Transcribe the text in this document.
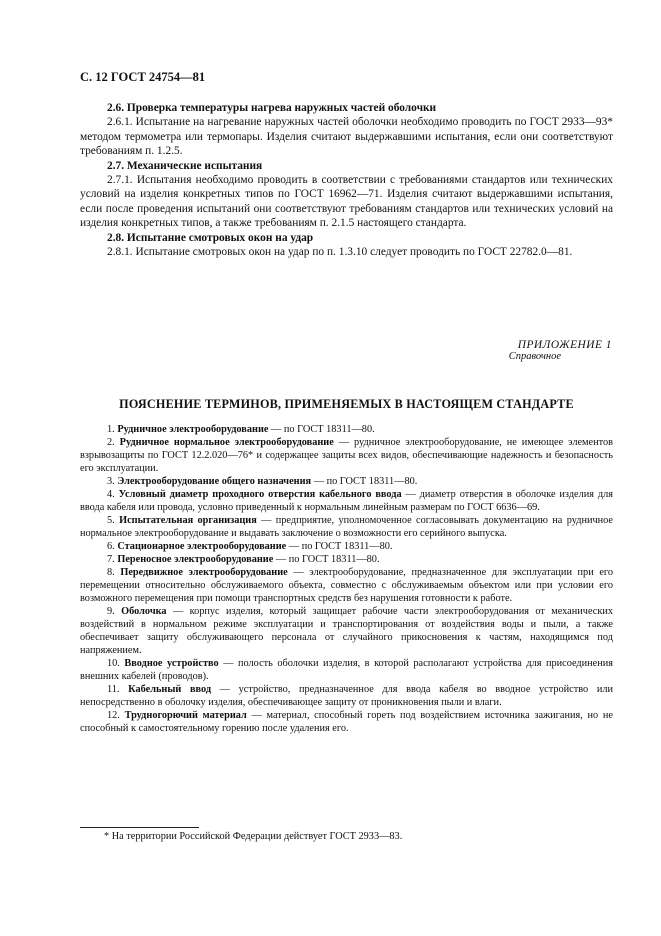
С. 12 ГОСТ 24754—81

2.6. Проверка температуры нагрева наружных частей оболочки

2.6.1. Испытание на нагревание наружных частей оболочки необходимо проводить по ГОСТ 2933—93* методом термометра или термопары. Изделия считают выдержавшими испытания, если они соответствуют требованиям п. 1.2.5.

2.7. Механические испытания

2.7.1. Испытания необходимо проводить в соответствии с требованиями стандартов или технических условий на изделия конкретных типов по ГОСТ 16962—71. Изделия считают выдержавшими испытания, если после проведения испытаний они соответствуют требованиям стандартов или технических условий на изделия конкретных типов, а также требованиям п. 2.1.5 настоящего стандарта.

2.8. Испытание смотровых окон на удар

2.8.1. Испытание смотровых окон на удар по п. 1.3.10 следует проводить по ГОСТ 22782.0—81.

ПРИЛОЖЕНИЕ 1
Справочное
ПОЯСНЕНИЕ ТЕРМИНОВ, ПРИМЕНЯЕМЫХ В НАСТОЯЩЕМ СТАНДАРТЕ

1. Рудничное электрооборудование — по ГОСТ 18311—80.

2. Рудничное нормальное электрооборудование — рудничное электрооборудование, не имеющее элементов взрывозащиты по ГОСТ 12.2.020—76* и содержащее защиты всех видов, обеспечивающие надежность и безопасность его эксплуатации.

3. Электрооборудование общего назначения — по ГОСТ 18311—80.

4. Условный диаметр проходного отверстия кабельного ввода — диаметр отверстия в оболочке изделия для ввода кабеля или провода, условно приведенный к нормальным линейным размерам по ГОСТ 6636—69.

5. Испытательная организация — предприятие, уполномоченное согласовывать документацию на рудничное нормальное электрооборудование и выдавать заключение о возможности его серийного выпуска.

6. Стационарное электрооборудование — по ГОСТ 18311—80.

7. Переносное электрооборудование — по ГОСТ 18311—80.

8. Передвижное электрооборудование — электрооборудование, предназначенное для эксплуатации при его перемещении относительно обслуживаемого объекта, совместно с обслуживаемым объектом или при условии его возможного перемещения при помощи транспортных средств без нарушения готовности к работе.

9. Оболочка — корпус изделия, который защищает рабочие части электрооборудования от механических воздействий в нормальном режиме эксплуатации и транспортирования от воздействия воды и пыли, а также обеспечивает защиту обслуживающего персонала от случайного прикосновения к частям, находящимся под напряжением.

10. Вводное устройство — полость оболочки изделия, в которой располагают устройства для присоединения внешних кабелей (проводов).

11. Кабельный ввод — устройство, предназначенное для ввода кабеля во вводное устройство или непосредственно в оболочку изделия, обеспечивающее защиту от проникновения пыли и влаги.

12. Трудногорючий материал — материал, способный гореть под воздействием источника зажигания, но не способный к самостоятельному горению после удаления его.

* На территории Российской Федерации действует ГОСТ 2933—83.
